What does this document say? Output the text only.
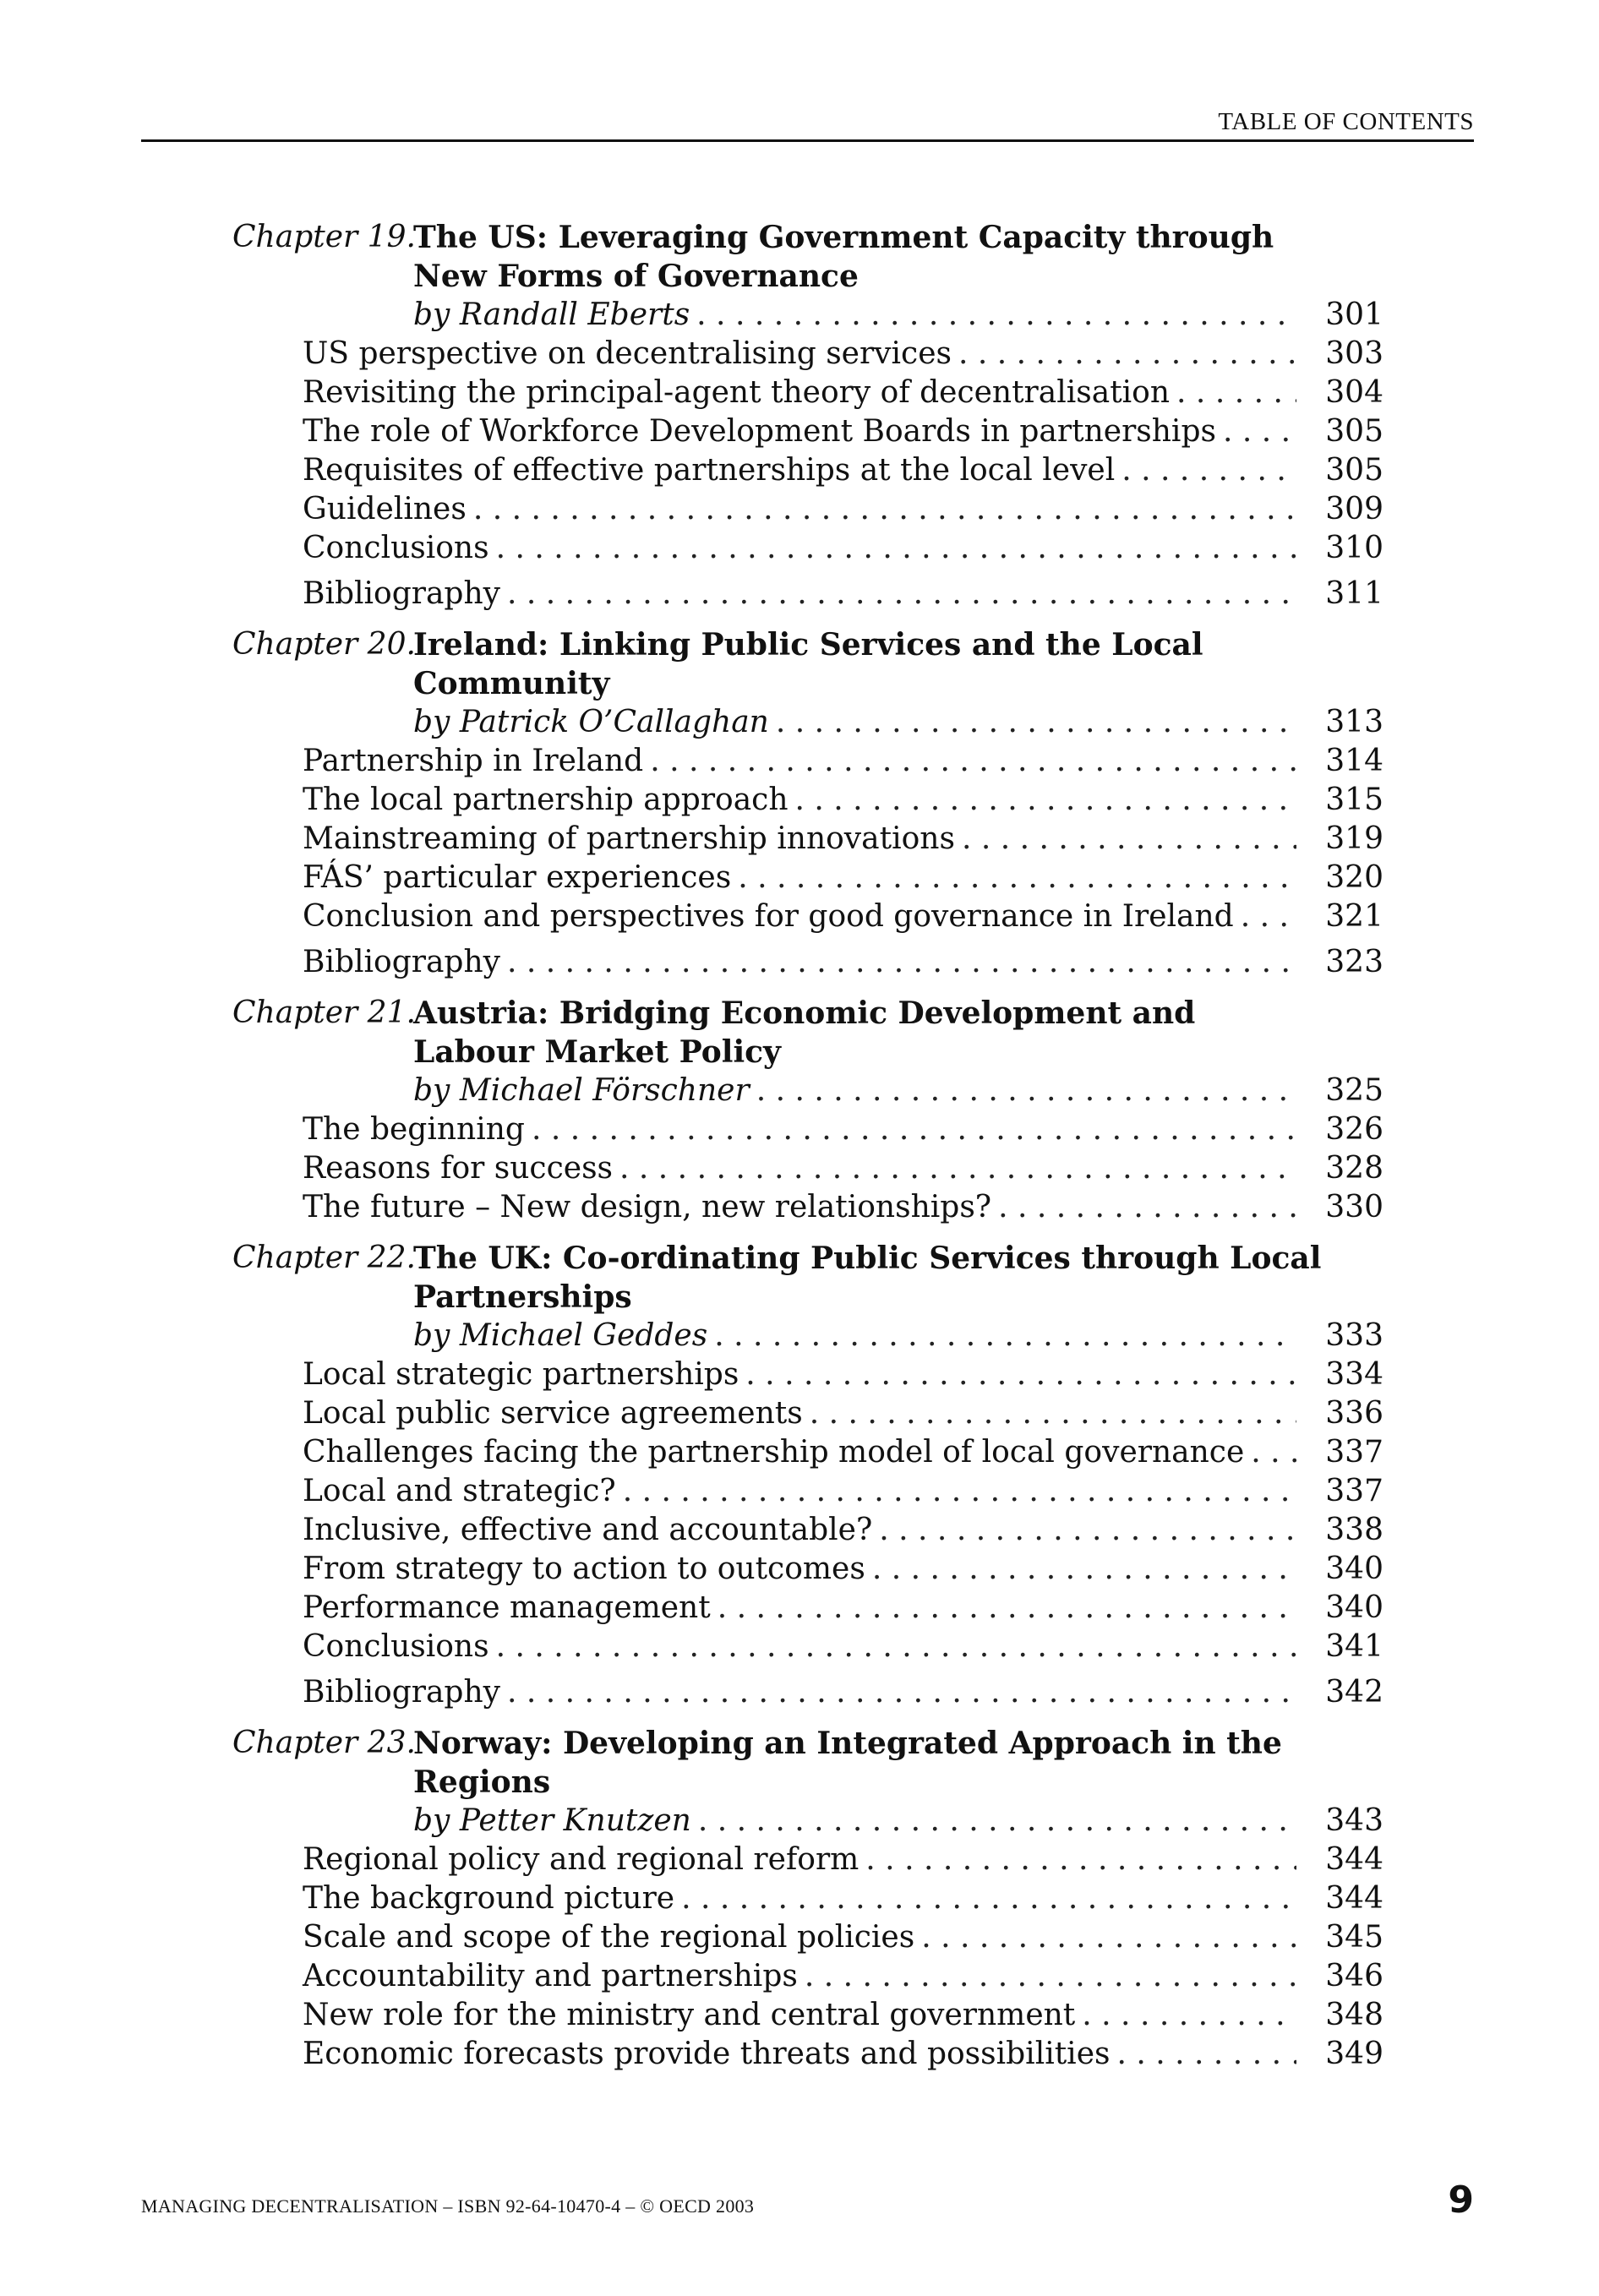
TABLE OF CONTENTS
Chapter 19.
The US: Leveraging Government Capacity through New Forms of Governance
by Randall Eberts . . .	301
US perspective on decentralising services . . .	303
Revisiting the principal-agent theory of decentralisation . . .	304
The role of Workforce Development Boards in partnerships . . .	305
Requisites of effective partnerships at the local level . . .	305
Guidelines . . .	309
Conclusions . . .	310
Bibliography . . .	311
Chapter 20.
Ireland: Linking Public Services and the Local Community
by Patrick O’Callaghan . . .	313
Partnership in Ireland . . .	314
The local partnership approach . . .	315
Mainstreaming of partnership innovations . . .	319
FÁS’ particular experiences . . .	320
Conclusion and perspectives for good governance in Ireland . . .	321
Bibliography . . .	323
Chapter 21.
Austria: Bridging Economic Development and Labour Market Policy
by Michael Förschner . . .	325
The beginning . . .	326
Reasons for success . . .	328
The future – New design, new relationships? . . .	330
Chapter 22.
The UK: Co-ordinating Public Services through Local Partnerships
by Michael Geddes . . .	333
Local strategic partnerships . . .	334
Local public service agreements . . .	336
Challenges facing the partnership model of local governance . . .	337
Local and strategic? . . .	337
Inclusive, effective and accountable? . . .	338
From strategy to action to outcomes . . .	340
Performance management . . .	340
Conclusions . . .	341
Bibliography . . .	342
Chapter 23.
Norway: Developing an Integrated Approach in the Regions
by Petter Knutzen . . .	343
Regional policy and regional reform . . .	344
The background picture . . .	344
Scale and scope of the regional policies . . .	345
Accountability and partnerships . . .	346
New role for the ministry and central government . . .	348
Economic forecasts provide threats and possibilities . . .	349
MANAGING DECENTRALISATION – ISBN 92-64-10470-4 – © OECD 2003	9
